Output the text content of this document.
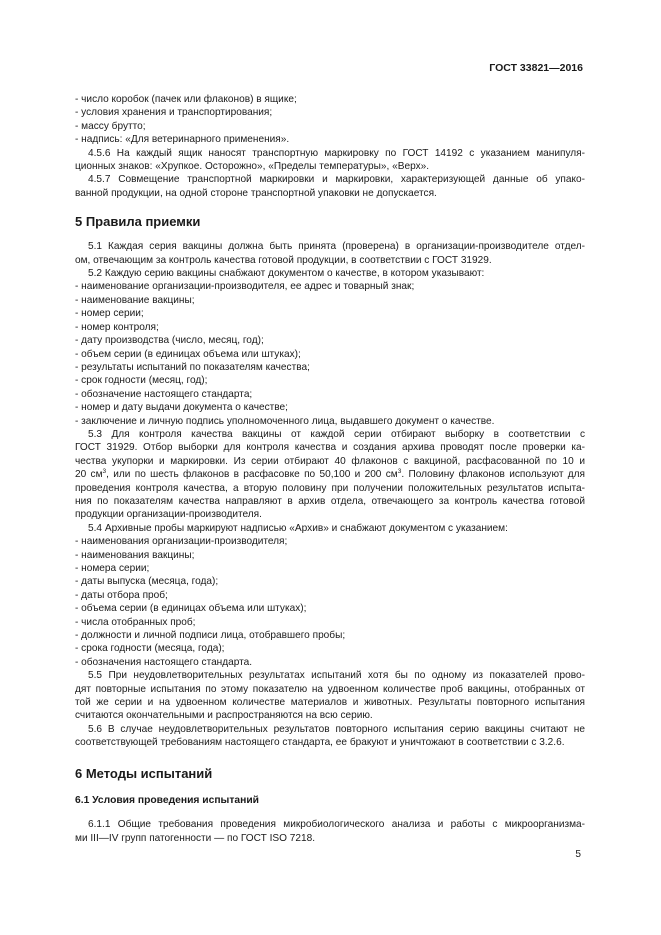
ГОСТ 33821—2016
- число коробок (пачек или флаконов) в ящике;
- условия хранения и транспортирования;
- массу брутто;
- надпись: «Для ветеринарного применения».
4.5.6 На каждый ящик наносят транспортную маркировку по ГОСТ 14192 с указанием манипуля-
ционных знаков: «Хрупкое. Осторожно», «Пределы температуры», «Верх».
4.5.7 Совмещение транспортной маркировки и маркировки, характеризующей данные об упако-
ванной продукции, на одной стороне транспортной упаковки не допускается.
5 Правила приемки
5.1 Каждая серия вакцины должна быть принята (проверена) в организации-производителе отдел-
ом, отвечающим за контроль качества готовой продукции, в соответствии с ГОСТ 31929.
5.2 Каждую серию вакцины снабжают документом о качестве, в котором указывают:
- наименование организации-производителя, ее адрес и товарный знак;
- наименование вакцины;
- номер серии;
- номер контроля;
- дату производства (число, месяц, год);
- объем серии (в единицах объема или штуках);
- результаты испытаний по показателям качества;
- срок годности (месяц, год);
- обозначение настоящего стандарта;
- номер и дату выдачи документа о качестве;
- заключение и личную подпись уполномоченного лица, выдавшего документ о качестве.
5.3 Для контроля качества вакцины от каждой серии отбирают выборку в соответствии с
ГОСТ 31929. Отбор выборки для контроля качества и создания архива проводят после проверки ка-
чества укупорки и маркировки. Из серии отбирают 40 флаконов с вакциной, расфасованной по 10 и
20 $см^3$, или по шесть флаконов в расфасовке по 50,100 и 200 $см^3$. Половину флаконов используют для
проведения контроля качества, а вторую половину при получении положительных результатов испыта-
ния по показателям качества направляют в архив отдела, отвечающего за контроль качества готовой
продукции организации-производителя.
5.4 Архивные пробы маркируют надписью «Архив» и снабжают документом с указанием:
- наименования организации-производителя;
- наименования вакцины;
- номера серии;
- даты выпуска (месяца, года);
- даты отбора проб;
- объема серии (в единицах объема или штуках);
- числа отобранных проб;
- должности и личной подписи лица, отобравшего пробы;
- срока годности (месяца, года);
- обозначения настоящего стандарта.
5.5 При неудовлетворительных результатах испытаний хотя бы по одному из показателей прово-
дят повторные испытания по этому показателю на удвоенном количестве проб вакцины, отобранных от
той же серии и на удвоенном количестве материалов и животных. Результаты повторного испытания
считаются окончательными и распространяются на всю серию.
5.6 В случае неудовлетворительных результатов повторного испытания серию вакцины считают не
соответствующей требованиям настоящего стандарта, ее бракуют и уничтожают в соответствии с 3.2.6.
6 Методы испытаний
6.1 Условия проведения испытаний
6.1.1 Общие требования проведения микробиологического анализа и работы с микроорганизма-
ми III—IV групп патогенности — по ГОСТ ISO 7218.
5
